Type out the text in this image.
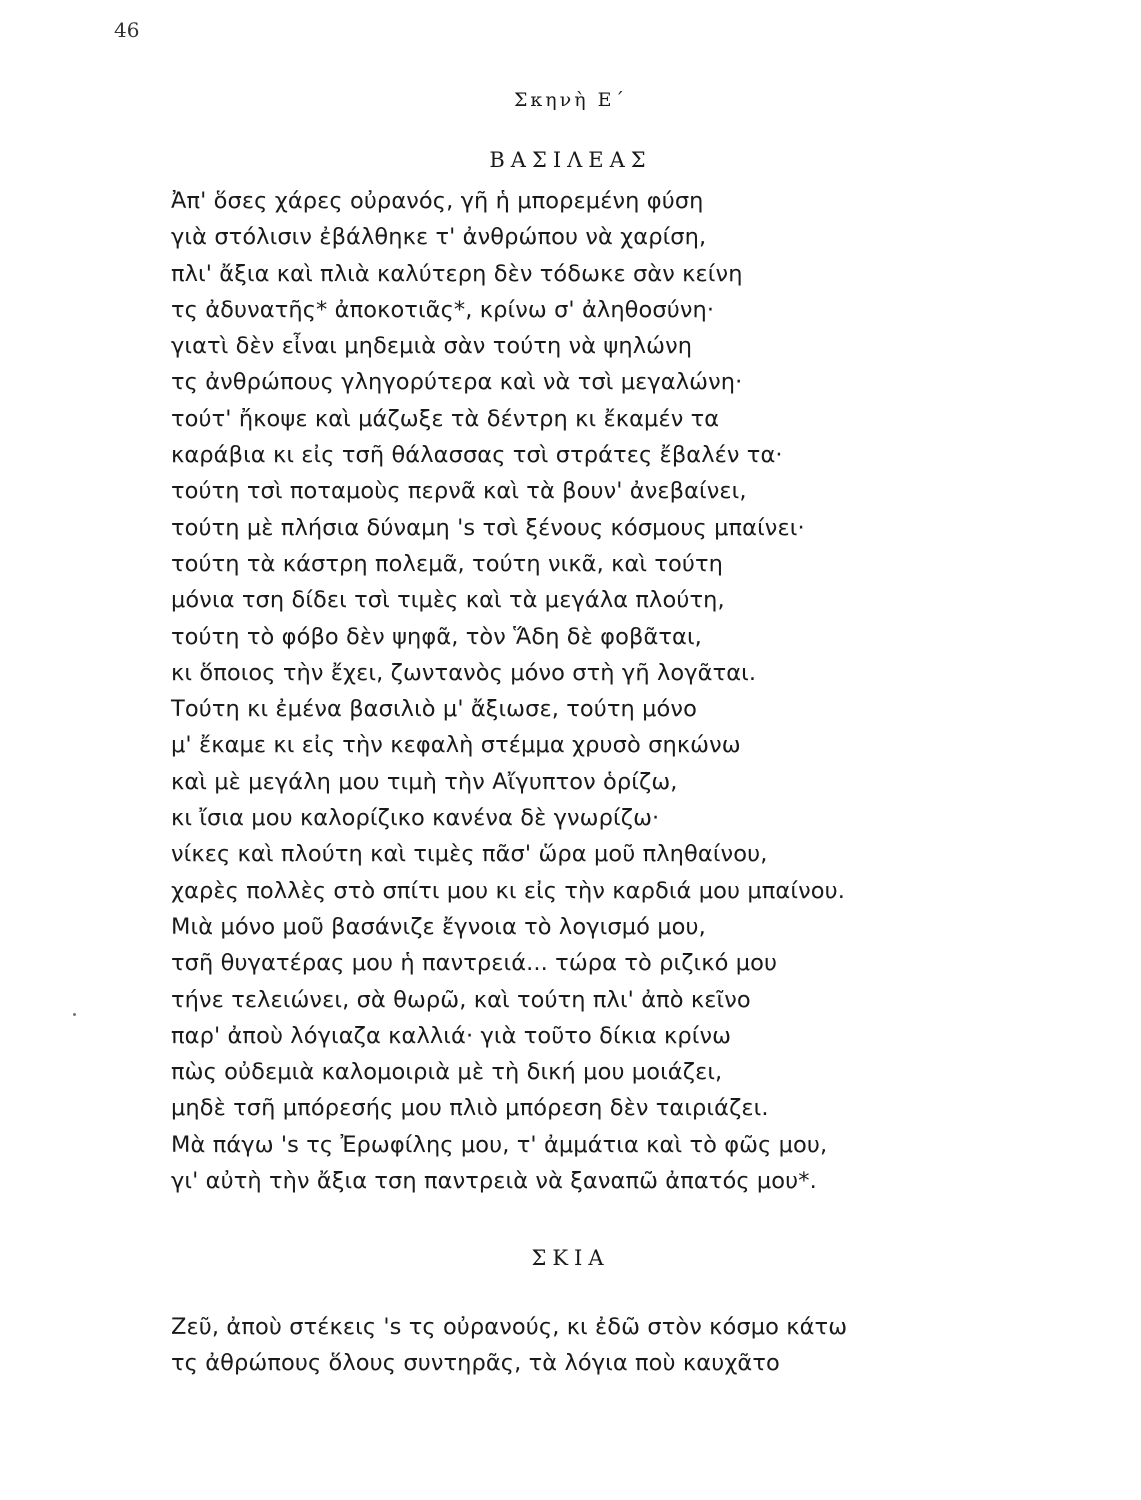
46
Σκηνὴ Ε΄
ΒΑΣΙΛΕΑΣ
Ἀπ' ὅσες χάρες οὐρανός, γῆ ἡ μπορεμένη φύση
γιὰ στόλισιν ἐβάλθηκε τ' ἀνθρώπου νὰ χαρίση,
πλι' ἄξια καὶ πλιὰ καλύτερη δὲν τόδωκε σὰν κείνη
τς ἀδυνατῆς* ἀποκοτιᾶς*, κρίνω σ' ἀληθοσύνη·
γιατὶ δὲν εἶναι μηδεμιὰ σὰν τούτη νὰ ψηλώνη
τς ἀνθρώπους γληγορύτερα καὶ νὰ τσὶ μεγαλώνη·
τούτ' ἤκοψε καὶ μάζωξε τὰ δέντρη κι ἔκαμέν τα
καράβια κι εἰς τσῆ θάλασσας τσὶ στράτες ἔβαλέν τα·
τούτη τσὶ ποταμοὺς περνᾶ καὶ τὰ βουν' ἀνεβαίνει,
τούτη μὲ πλήσια δύναμη 's τσὶ ξένους κόσμους μπαίνει·
τούτη τὰ κάστρη πολεμᾶ, τούτη νικᾶ, καὶ τούτη
μόνια τση δίδει τσὶ τιμὲς καὶ τὰ μεγάλα πλούτη,
τούτη τὸ φόβο δὲν ψηφᾶ, τὸν Ἅδη δὲ φοβᾶται,
κι ὅποιος τὴν ἔχει, ζωντανὸς μόνο στὴ γῆ λογᾶται.
Τούτη κι ἐμένα βασιλιὸ μ' ἄξιωσε, τούτη μόνο
μ' ἔκαμε κι εἰς τὴν κεφαλὴ στέμμα χρυσὸ σηκώνω
καὶ μὲ μεγάλη μου τιμὴ τὴν Αἴγυπτον ὁρίζω,
κι ἴσια μου καλορίζικο κανένα δὲ γνωρίζω·
νίκες καὶ πλούτη καὶ τιμὲς πᾶσ' ὥρα μοῦ πληθαίνου,
χαρὲς πολλὲς στὸ σπίτι μου κι εἰς τὴν καρδιά μου μπαίνου.
Μιὰ μόνο μοῦ βασάνιζε ἔγνοια τὸ λογισμό μου,
τσῆ θυγατέρας μου ἡ παντρειά... τώρα τὸ ριζικό μου
τήνε τελειώνει, σὰ θωρῶ, καὶ τούτη πλι' ἀπὸ κεῖνο
παρ' ἀποὺ λόγιαζα καλλιά· γιὰ τοῦτο δίκια κρίνω
πὼς οὐδεμιὰ καλομοιριὰ μὲ τὴ δική μου μοιάζει,
μηδὲ τσῆ μπόρεσής μου πλιὸ μπόρεση δὲν ταιριάζει.
Μὰ πάγω 's τς Ἐρωφίλης μου, τ' ἀμμάτια καὶ τὸ φῶς μου,
γι' αὐτὴ τὴν ἄξια τση παντρειὰ νὰ ξαναπῶ ἀπατός μου*.
ΣΚΙΑ
Ζεῦ, ἀποὺ στέκεις 's τς οὐρανούς, κι ἐδῶ στὸν κόσμο κάτω
τς ἀθρώπους ὅλους συντηρᾶς, τὰ λόγια ποὺ καυχᾶτο
